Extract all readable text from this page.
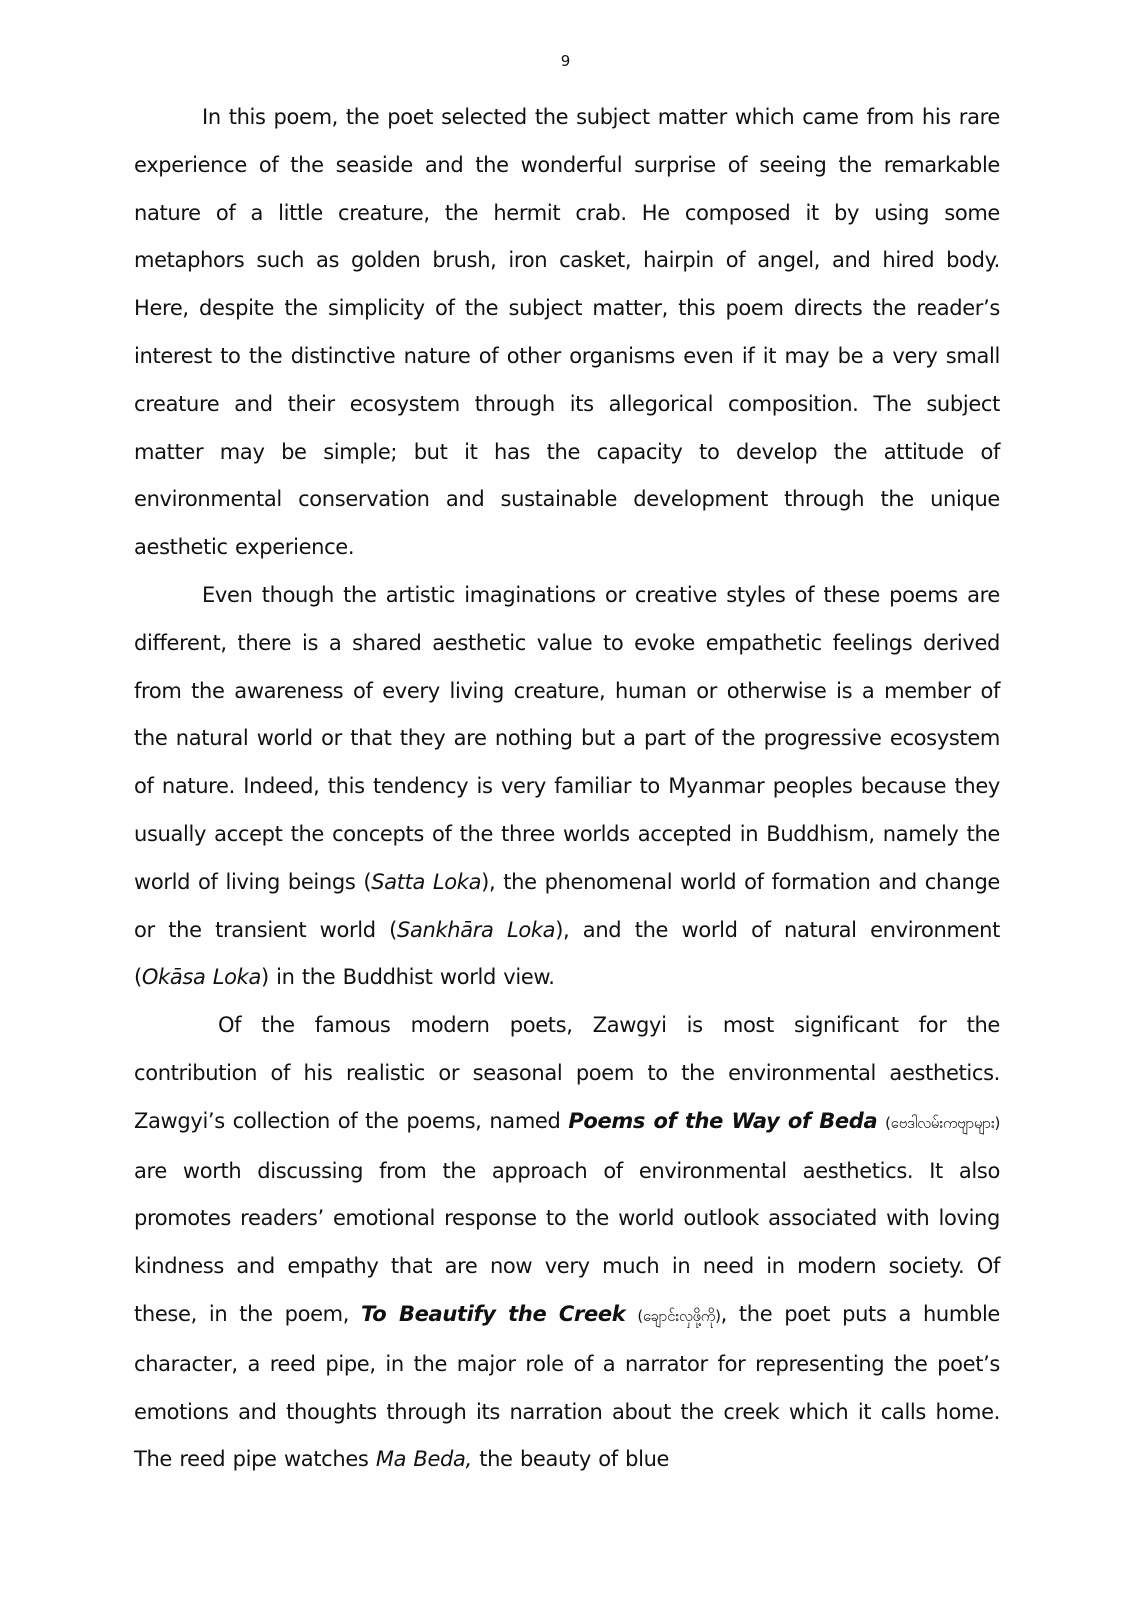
9

In this poem, the poet selected the subject matter which came from his rare experience of the seaside and the wonderful surprise of seeing the remarkable nature of a little creature, the hermit crab. He composed it by using some metaphors such as golden brush, iron casket, hairpin of angel, and hired body. Here, despite the simplicity of the subject matter, this poem directs the reader’s interest to the distinctive nature of other organisms even if it may be a very small creature and their ecosystem through its allegorical composition. The subject matter may be simple; but it has the capacity to develop the attitude of environmental conservation and sustainable development through the unique aesthetic experience.

Even though the artistic imaginations or creative styles of these poems are different, there is a shared aesthetic value to evoke empathetic feelings derived from the awareness of every living creature, human or otherwise is a member of the natural world or that they are nothing but a part of the progressive ecosystem of nature. Indeed, this tendency is very familiar to Myanmar peoples because they usually accept the concepts of the three worlds accepted in Buddhism, namely the world of living beings (Satta Loka), the phenomenal world of formation and change or the transient world (Sankhāra Loka), and the world of natural environment (Okāsa Loka) in the Buddhist world view.

Of the famous modern poets, Zawgyi is most significant for the contribution of his realistic or seasonal poem to the environmental aesthetics. Zawgyi’s collection of the poems, named Poems of the Way of Beda (ဗေဒါလမ်းကဗျာများ) are worth discussing from the approach of environmental aesthetics. It also promotes readers’ emotional response to the world outlook associated with loving kindness and empathy that are now very much in need in modern society. Of these, in the poem, To Beautify the Creek (ချောင်းလှဖို့ကို), the poet puts a humble character, a reed pipe, in the major role of a narrator for representing the poet’s emotions and thoughts through its narration about the creek which it calls home. The reed pipe watches Ma Beda, the beauty of blue
